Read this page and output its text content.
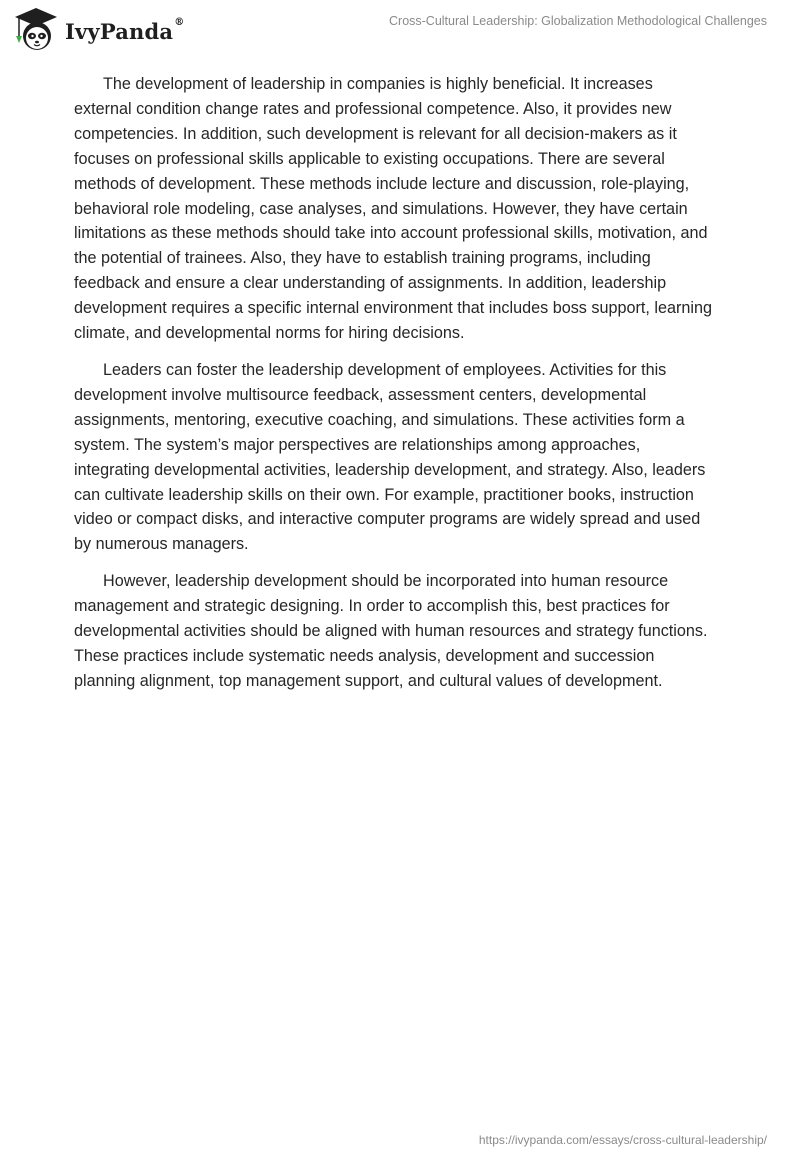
IvyPanda®	Cross-Cultural Leadership: Globalization Methodological Challenges

The development of leadership in companies is highly beneficial. It increases external condition change rates and professional competence. Also, it provides new competencies. In addition, such development is relevant for all decision-makers as it focuses on professional skills applicable to existing occupations. There are several methods of development. These methods include lecture and discussion, role-playing, behavioral role modeling, case analyses, and simulations. However, they have certain limitations as these methods should take into account professional skills, motivation, and the potential of trainees. Also, they have to establish training programs, including feedback and ensure a clear understanding of assignments. In addition, leadership development requires a specific internal environment that includes boss support, learning climate, and developmental norms for hiring decisions.

Leaders can foster the leadership development of employees. Activities for this development involve multisource feedback, assessment centers, developmental assignments, mentoring, executive coaching, and simulations. These activities form a system. The system’s major perspectives are relationships among approaches, integrating developmental activities, leadership development, and strategy. Also, leaders can cultivate leadership skills on their own. For example, practitioner books, instruction video or compact disks, and interactive computer programs are widely spread and used by numerous managers.

However, leadership development should be incorporated into human resource management and strategic designing. In order to accomplish this, best practices for developmental activities should be aligned with human resources and strategy functions. These practices include systematic needs analysis, development and succession planning alignment, top management support, and cultural values of development.

https://ivypanda.com/essays/cross-cultural-leadership/
